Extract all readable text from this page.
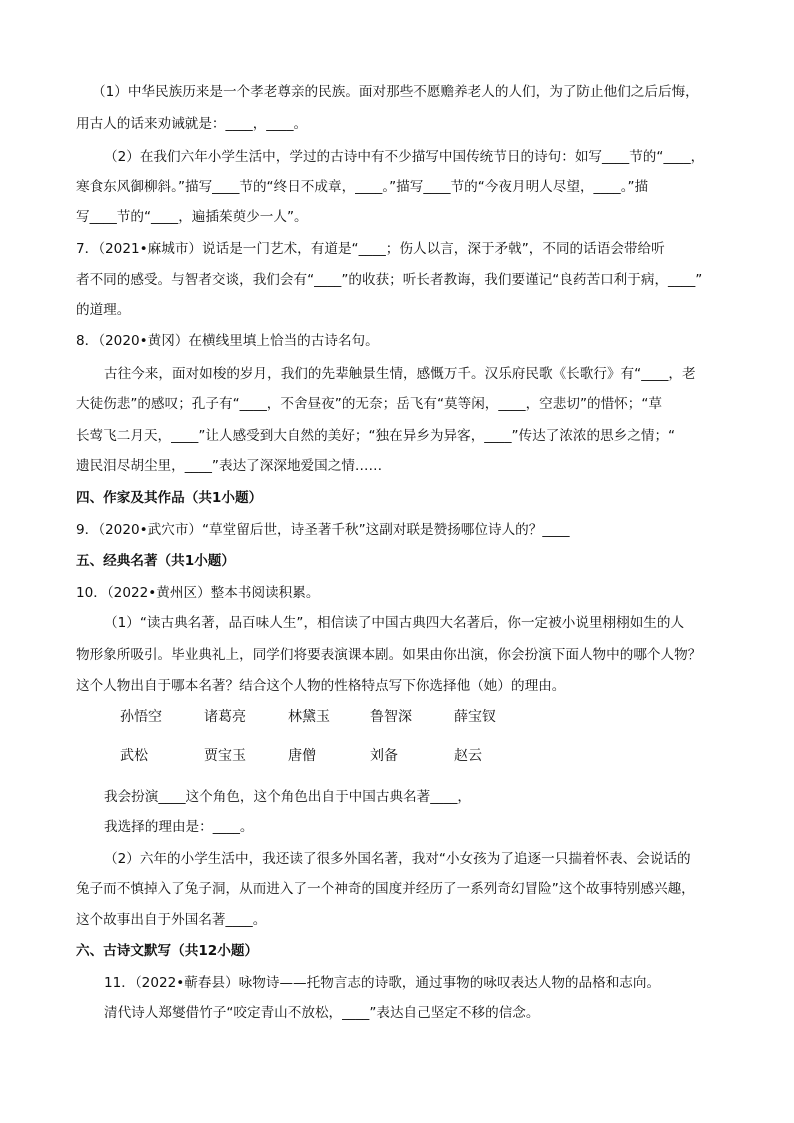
（1）中华民族历来是一个孝老尊亲的民族。面对那些不愿赡养老人的人们，为了防止他们之后后悔，
用古人的话来劝诫就是：____，____。
（2）在我们六年小学生活中，学过的古诗中有不少描写中国传统节日的诗句：如写____节的“____，
寒食东风御柳斜。”描写____节的“终日不成章，____。”描写____节的“今夜月明人尽望，____。”描
写____节的“____，遍插茱萸少一人”。
7．（2021•麻城市）说话是一门艺术，有道是“____；伤人以言，深于矛戟”，不同的话语会带给听
者不同的感受。与智者交谈，我们会有“____”的收获；听长者教诲，我们要谨记“良药苦口利于病，____”
的道理。
8．（2020•黄冈）在横线里填上恰当的古诗名句。
古往今来，面对如梭的岁月，我们的先辈触景生情，感慨万千。汉乐府民歌《长歌行》有“____，老
大徒伤悲”的感叹；孔子有“____，不舍昼夜”的无奈；岳飞有“莫等闲，____，空悲切”的惜怀；“草
长莺飞二月天，____”让人感受到大自然的美好；“独在异乡为异客，____”传达了浓浓的思乡之情；“
遗民泪尽胡尘里，____”表达了深深地爱国之情……
四、作家及其作品（共1小题）
9．（2020•武穴市）“草堂留后世，诗圣著千秋”这副对联是赞扬哪位诗人的？____
五、经典名著（共1小题）
10．（2022•黄州区）整本书阅读积累。
（1）“读古典名著，品百味人生”，相信读了中国古典四大名著后，你一定被小说里栩栩如生的人
物形象所吸引。毕业典礼上，同学们将要表演课本剧。如果由你出演，你会扮演下面人物中的哪个人物？
这个人物出自于哪本名著？结合这个人物的性格特点写下你选择他（她）的理由。
我会扮演____这个角色，这个角色出自于中国古典名著____，
我选择的理由是：____。
（2）六年的小学生活中，我还读了很多外国名著，我对“小女孩为了追逐一只揣着怀表、会说话的
兔子而不慎掉入了兔子洞，从而进入了一个神奇的国度并经历了一系列奇幻冒险”这个故事特别感兴趣，
这个故事出自于外国名著____。
六、古诗文默写（共12小题）
11．（2022•蕲春县）咏物诗——托物言志的诗歌，通过事物的咏叹表达人物的品格和志向。
清代诗人郑燮借竹子“咬定青山不放松，____”表达自己坚定不移的信念。
孙悟空	诸葛亮	林黛玉	鲁智深	薛宝钗
武松	贾宝玉	唐僧	刘备	赵云
